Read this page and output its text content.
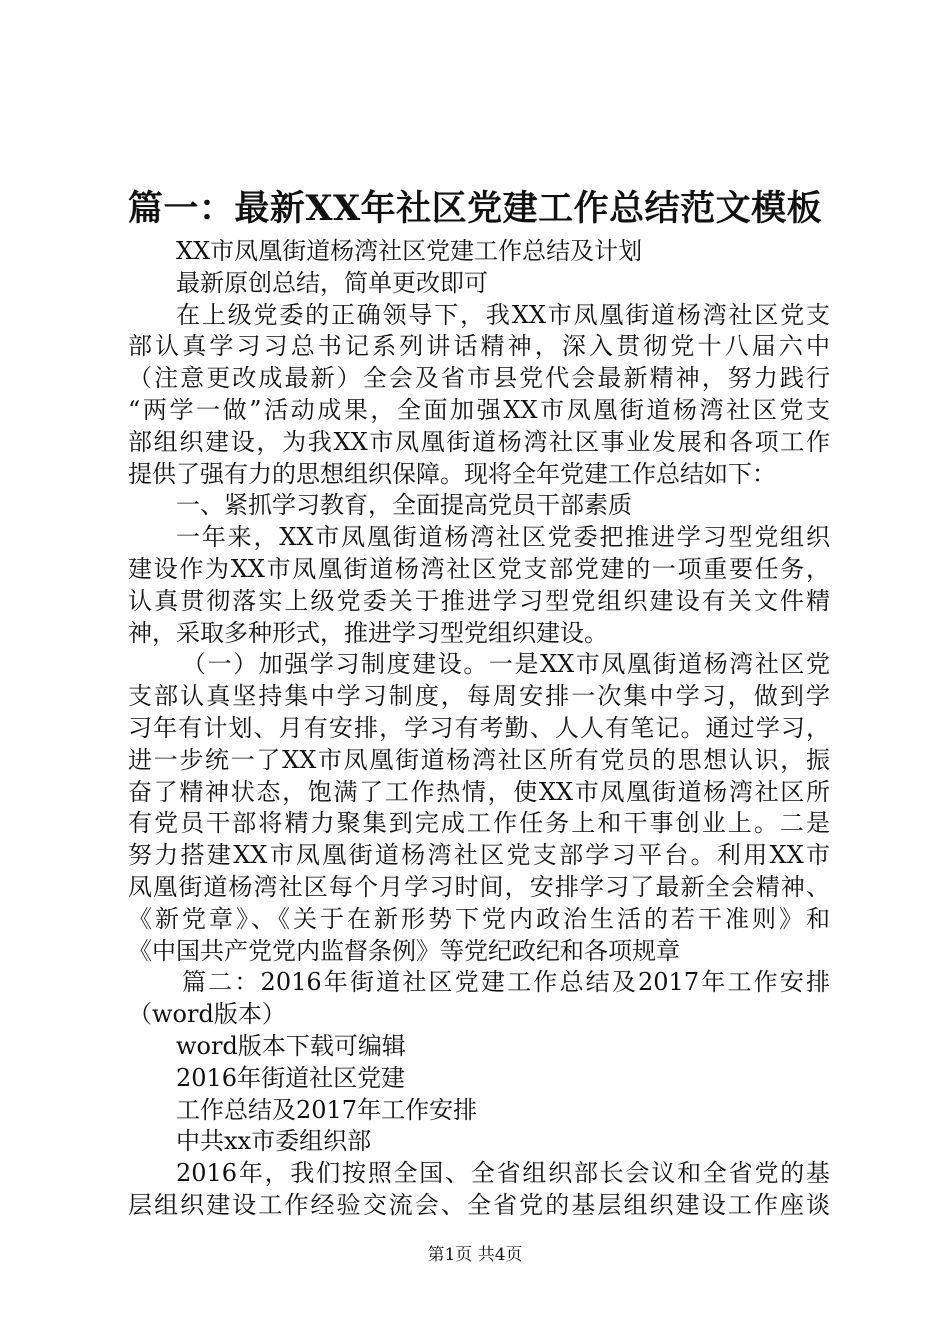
篇一：最新XX年社区党建工作总结范文模板
XX市凤凰街道杨湾社区党建工作总结及计划
最新原创总结，简单更改即可
在上级党委的正确领导下，我XX市凤凰街道杨湾社区党支
部认真学习习总书记系列讲话精神，深入贯彻党十八届六中
（注意更改成最新）全会及省市县党代会最新精神，努力践行
“两学一做”活动成果，全面加强XX市凤凰街道杨湾社区党支
部组织建设，为我XX市凤凰街道杨湾社区事业发展和各项工作
提供了强有力的思想组织保障。现将全年党建工作总结如下：
一、紧抓学习教育，全面提高党员干部素质
一年来，XX市凤凰街道杨湾社区党委把推进学习型党组织
建设作为XX市凤凰街道杨湾社区党支部党建的一项重要任务，
认真贯彻落实上级党委关于推进学习型党组织建设有关文件精
神，采取多种形式，推进学习型党组织建设。
（一）加强学习制度建设。一是XX市凤凰街道杨湾社区党
支部认真坚持集中学习制度，每周安排一次集中学习，做到学
习年有计划、月有安排，学习有考勤、人人有笔记。通过学习，
进一步统一了XX市凤凰街道杨湾社区所有党员的思想认识，振
奋了精神状态，饱满了工作热情，使XX市凤凰街道杨湾社区所
有党员干部将精力聚集到完成工作任务上和干事创业上。二是
努力搭建XX市凤凰街道杨湾社区党支部学习平台。利用XX市
凤凰街道杨湾社区每个月学习时间，安排学习了最新全会精神、
《新党章》、《关于在新形势下党内政治生活的若干准则》和
《中国共产党党内监督条例》等党纪政纪和各项规章
篇二：2016年街道社区党建工作总结及2017年工作安排
（word版本）
word版本下载可编辑
2016年街道社区党建
工作总结及2017年工作安排
中共xx市委组织部
2016年，我们按照全国、全省组织部长会议和全省党的基
层组织建设工作经验交流会、全省党的基层组织建设工作座谈
第1页 共4页
